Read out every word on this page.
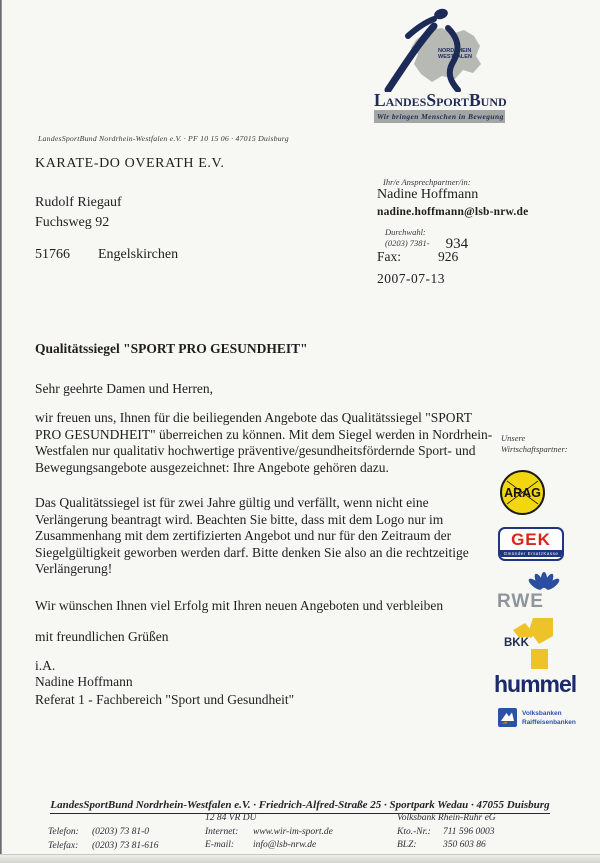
NORDRHEIN
WESTFALEN
LandesSportBund
Wir bringen Menschen in Bewegung
LandesSportBund Nordrhein-Westfalen e.V. · PF 10 15 06 · 47015 Duisburg
KARATE-DO OVERATH E.V.
Rudolf Riegauf
Fuchsweg 92
51766 Engelskirchen
Ihr/e Ansprechpartner/in:
Nadine Hoffmann
nadine.hoffmann@lsb-nrw.de
Durchwahl:
(0203) 7381- 934
Fax:	926
2007-07-13
Qualitätssiegel "SPORT PRO GESUNDHEIT"
Sehr geehrte Damen und Herren,
wir freuen uns, Ihnen für die beiliegenden Angebote das Qualitätssiegel "SPORT PRO GESUNDHEIT" überreichen zu können. Mit dem Siegel werden in Nordrhein-Westfalen nur qualitativ hochwertige präventive/gesundheitsfördernde Sport- und Bewegungsangebote ausgezeichnet: Ihre Angebote gehören dazu.
Das Qualitätssiegel ist für zwei Jahre gültig und verfällt, wenn nicht eine Verlängerung beantragt wird. Beachten Sie bitte, dass mit dem Logo nur im Zusammenhang mit dem zertifizierten Angebot und nur für den Zeitraum der Siegelgültigkeit geworben werden darf. Bitte denken Sie also an die rechtzeitige Verlängerung!
Wir wünschen Ihnen viel Erfolg mit Ihren neuen Angeboten und verbleiben
mit freundlichen Grüßen
i.A.
Nadine Hoffmann
Referat 1 - Fachbereich "Sport und Gesundheit"
Unsere
Wirtschaftspartner:
ARAG
GEK
Gmünder ErsatzKasse
RWE
BKK
hummel
Volksbanken
Raiffeisenbanken
LandesSportBund Nordrhein-Westfalen e.V. · Friedrich-Alfred-Straße 25 · Sportpark Wedau · 47055 Duisburg
Telefon: (0203) 73 81-0
Telefax: (0203) 73 81-616
12 84 VR DU
Internet: www.wir-im-sport.de
E-mail: info@lsb-nrw.de
Volksbank Rhein-Ruhr eG
Kto.-Nr.: 711 596 0003
BLZ:	350 603 86
